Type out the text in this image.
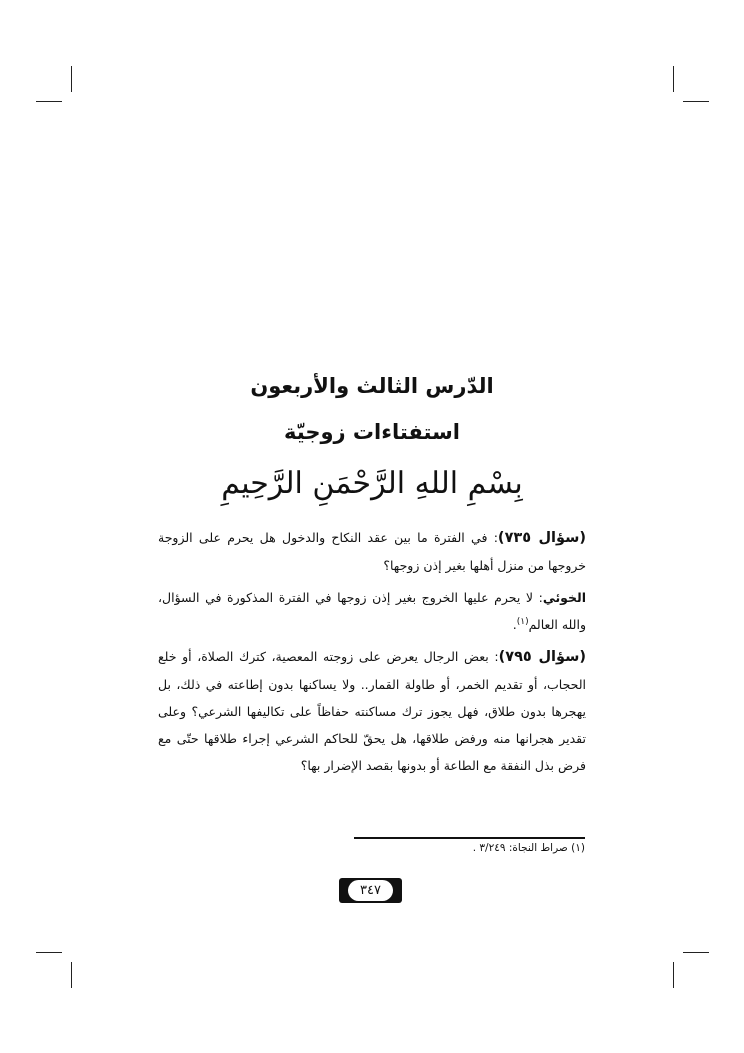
الدّرس الثالث والأربعون
استفتاءات زوجيّة
بِسْمِ اللهِ الرَّحْمَنِ الرَّحِيمِ

(سؤال ٧٣٥): في الفترة ما بين عقد النكاح والدخول هل يحرم على الزوجة خروجها من منزل أهلها بغير إذن زوجها؟

الخوئي: لا يحرم عليها الخروج بغير إذن زوجها في الفترة المذكورة في السؤال، والله العالم$^{(١)}$.

(سؤال ٧٩٥): بعض الرجال يعرض على زوجته المعصية، كترك الصلاة، أو خلع الحجاب، أو تقديم الخمر، أو طاولة القمار.. ولا يساكنها بدون إطاعته في ذلك، بل يهجرها بدون طلاق، فهل يجوز ترك مساكنته حفاظاً على تكاليفها الشرعي؟ وعلى تقدير هجرانها منه ورفض طلاقها، هل يحقّ للحاكم الشرعي إجراء طلاقها حتّى مع فرض بذل النفقة مع الطاعة أو بدونها بقصد الإضرار بها؟

(١) صراط النجاة: ٣/٢٤٩ .
٣٤٧
